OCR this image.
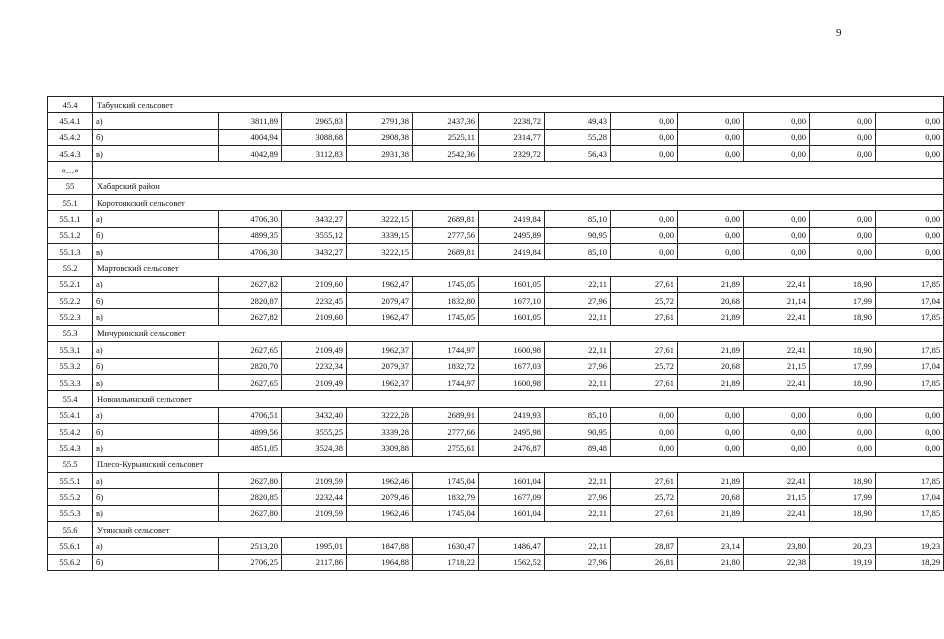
9
45.4	Табунский сельсовет											
45.4.1	а)	3811,89	2965,83	2791,38	2437,36	2238,72	49,43	0,00	0,00	0,00	0,00	0,00
45.4.2	б)	4004,94	3088,68	2908,38	2525,11	2314,77	55,28	0,00	0,00	0,00	0,00	0,00
45.4.3	в)	4042,89	3112,83	2931,38	2542,36	2329,72	56,43	0,00	0,00	0,00	0,00	0,00
«…»												
55	Хабарский район											
55.1	Коротоякский сельсовет											
55.1.1	а)	4706,30	3432,27	3222,15	2689,81	2419,84	85,10	0,00	0,00	0,00	0,00	0,00
55.1.2	б)	4899,35	3555,12	3339,15	2777,56	2495,89	90,95	0,00	0,00	0,00	0,00	0,00
55.1.3	в)	4706,30	3432,27	3222,15	2689,81	2419,84	85,10	0,00	0,00	0,00	0,00	0,00
55.2	Мартовский сельсовет											
55.2.1	а)	2627,82	2109,60	1962,47	1745,05	1601,05	22,11	27,61	21,89	22,41	18,90	17,85
55.2.2	б)	2820,87	2232,45	2079,47	1832,80	1677,10	27,96	25,72	20,68	21,14	17,99	17,04
55.2.3	в)	2627,82	2109,60	1962,47	1745,05	1601,05	22,11	27,61	21,89	22,41	18,90	17,85
55.3	Мичуринский сельсовет											
55.3.1	а)	2627,65	2109,49	1962,37	1744,97	1600,98	22,11	27,61	21,89	22,41	18,90	17,85
55.3.2	б)	2820,70	2232,34	2079,37	1832,72	1677,03	27,96	25,72	20,68	21,15	17,99	17,04
55.3.3	в)	2627,65	2109,49	1962,37	1744,97	1600,98	22,11	27,61	21,89	22,41	18,90	17,85
55.4	Новоильинский сельсовет											
55.4.1	а)	4706,51	3432,40	3222,28	2689,91	2419,93	85,10	0,00	0,00	0,00	0,00	0,00
55.4.2	б)	4899,56	3555,25	3339,28	2777,66	2495,98	90,95	0,00	0,00	0,00	0,00	0,00
55.4.3	в)	4851,05	3524,38	3309,88	2755,61	2476,87	89,48	0,00	0,00	0,00	0,00	0,00
55.5	Плесо-Курьинский сельсовет											
55.5.1	а)	2627,80	2109,59	1962,46	1745,04	1601,04	22,11	27,61	21,89	22,41	18,90	17,85
55.5.2	б)	2820,85	2232,44	2079,46	1832,79	1677,09	27,96	25,72	20,68	21,15	17,99	17,04
55.5.3	в)	2627,80	2109,59	1962,46	1745,04	1601,04	22,11	27,61	21,89	22,41	18,90	17,85
55.6	Утянский сельсовет											
55.6.1	а)	2513,20	1995,01	1847,88	1630,47	1486,47	22,11	28,87	23,14	23,80	20,23	19,23
55.6.2	б)	2706,25	2117,86	1964,88	1718,22	1562,52	27,96	26,81	21,80	22,38	19,19	18,29
